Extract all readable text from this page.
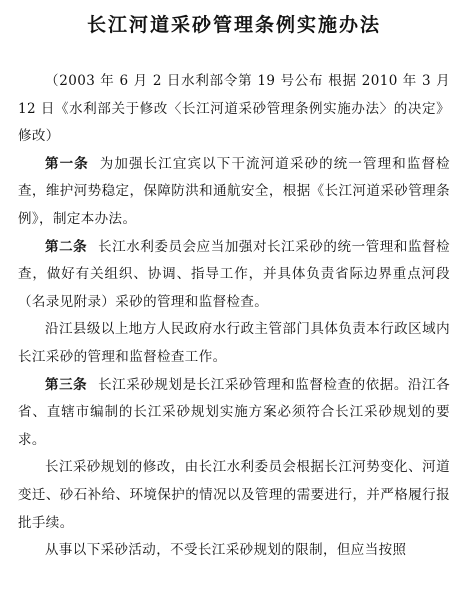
长江河道采砂管理条例实施办法

（2003 年 6 月 2 日水利部令第 19 号公布 根据 2010 年 3 月 12 日《水利部关于修改〈长江河道采砂管理条例实施办法〉的决定》修改）

第一条 为加强长江宜宾以下干流河道采砂的统一管理和监督检查，维护河势稳定，保障防洪和通航安全，根据《长江河道采砂管理条例》，制定本办法。

第二条 长江水利委员会应当加强对长江采砂的统一管理和监督检查，做好有关组织、协调、指导工作，并具体负责省际边界重点河段（名录见附录）采砂的管理和监督检查。

沿江县级以上地方人民政府水行政主管部门具体负责本行政区域内长江采砂的管理和监督检查工作。

第三条 长江采砂规划是长江采砂管理和监督检查的依据。沿江各省、直辖市编制的长江采砂规划实施方案必须符合长江采砂规划的要求。

长江采砂规划的修改，由长江水利委员会根据长江河势变化、河道变迁、砂石补给、环境保护的情况以及管理的需要进行，并严格履行报批手续。

从事以下采砂活动，不受长江采砂规划的限制，但应当按照
